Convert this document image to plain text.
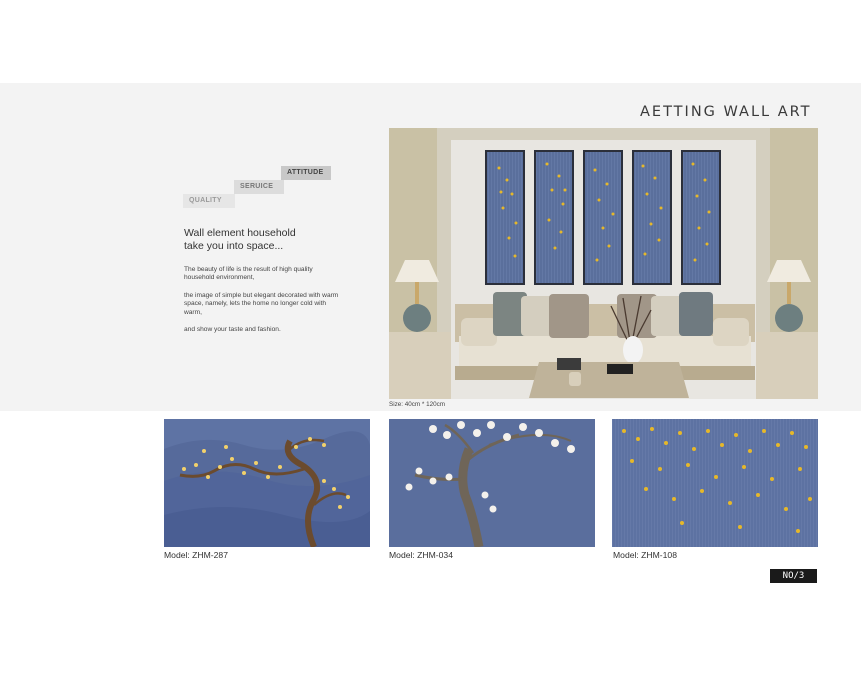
AETTING WALL ART
QUALITY
SERUICE
ATTITUDE
Wall element household
take you into space...
The beauty of life is the result of high quality household environment,
the image of simple but elegant decorated with warm space, namely, lets the home no longer cold with warm,
and show your taste and fashion.
Size: 40cm * 120cm
Model: ZHM-287	Model: ZHM-034	Model: ZHM-108
NO/3
